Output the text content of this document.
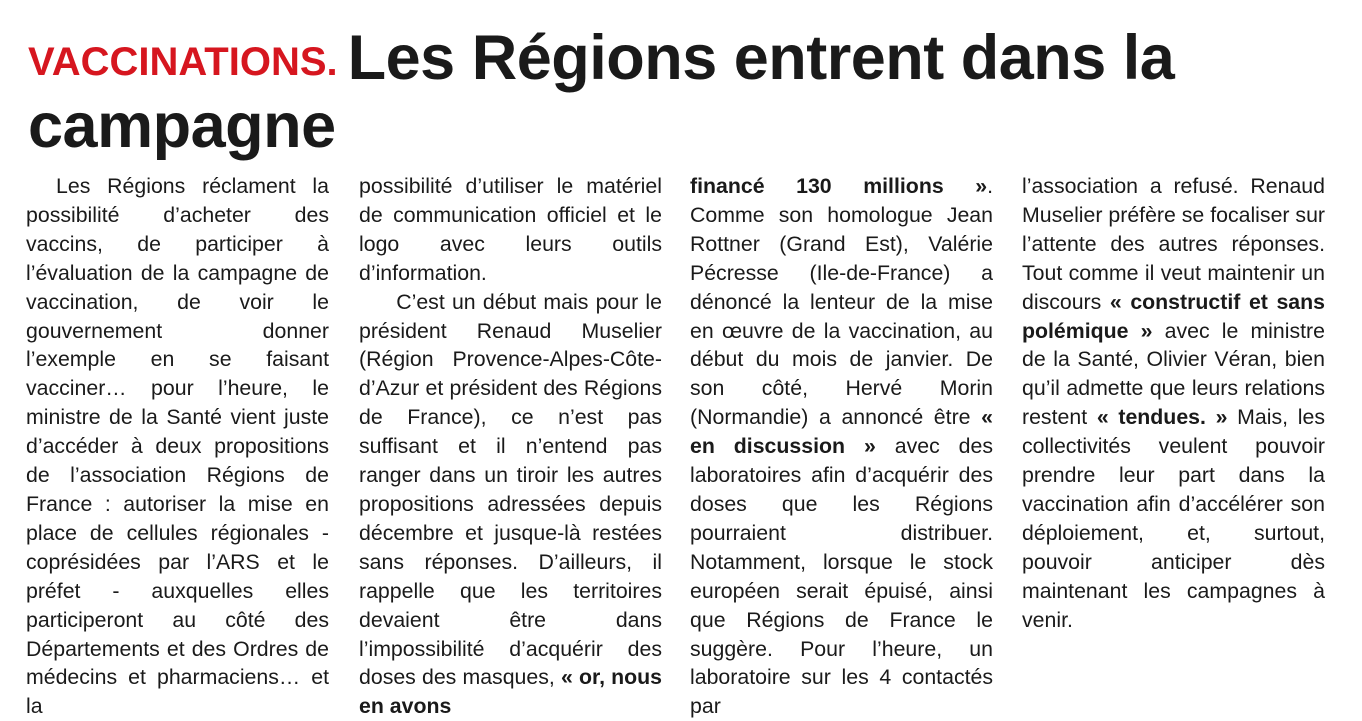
VACCINATIONS. Les Régions entrent dans la campagne

Les Régions réclament la possibilité d’acheter des vaccins, de participer à l’évaluation de la campagne de vaccination, de voir le gouvernement donner l’exemple en se faisant vacciner… pour l’heure, le ministre de la Santé vient juste d’accéder à deux propositions de l’association Régions de France : autoriser la mise en place de cellules régionales - coprésidées par l’ARS et le préfet - auxquelles elles participeront au côté des Départements et des Ordres de médecins et pharmaciens… et la

possibilité d’utiliser le matériel de communication officiel et le logo avec leurs outils d’information.
C’est un début mais pour le président Renaud Muselier (Région Provence-Alpes-Côte-d’Azur et président des Régions de France), ce n’est pas suffisant et il n’entend pas ranger dans un tiroir les autres propositions adressées depuis décembre et jusque-là restées sans réponses. D’ailleurs, il rappelle que les territoires devaient être dans l’impossibilité d’acquérir des doses des masques, « or, nous en avons

financé 130 millions ». Comme son homologue Jean Rottner (Grand Est), Valérie Pécresse (Ile-de-France) a dénoncé la lenteur de la mise en œuvre de la vaccination, au début du mois de janvier. De son côté, Hervé Morin (Normandie) a annoncé être « en discussion » avec des laboratoires afin d’acquérir des doses que les Régions pourraient distribuer. Notamment, lorsque le stock européen serait épuisé, ainsi que Régions de France le suggère. Pour l’heure, un laboratoire sur les 4 contactés par

l’association a refusé. Renaud Muselier préfère se focaliser sur l’attente des autres réponses. Tout comme il veut maintenir un discours « constructif et sans polémique » avec le ministre de la Santé, Olivier Véran, bien qu’il admette que leurs relations restent « tendues. » Mais, les collectivités veulent pouvoir prendre leur part dans la vaccination afin d’accélérer son déploiement, et, surtout, pouvoir anticiper dès maintenant les campagnes à venir.
